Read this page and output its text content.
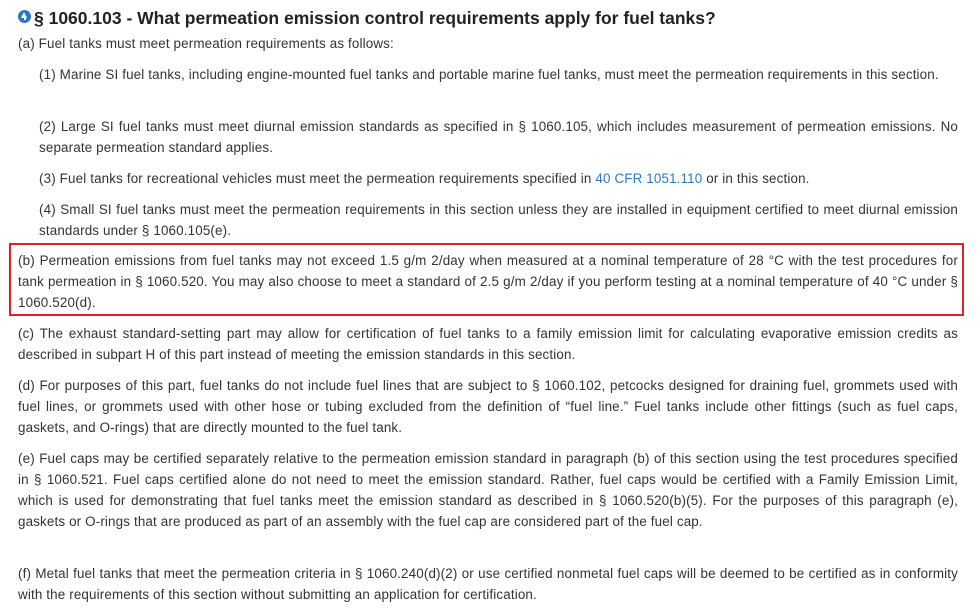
§ 1060.103 - What permeation emission control requirements apply for fuel tanks?

(a) Fuel tanks must meet permeation requirements as follows:

(1) Marine SI fuel tanks, including engine-mounted fuel tanks and portable marine fuel tanks, must meet the permeation requirements in this section.

(2) Large SI fuel tanks must meet diurnal emission standards as specified in § 1060.105, which includes measurement of permeation emissions. No separate permeation standard applies.

(3) Fuel tanks for recreational vehicles must meet the permeation requirements specified in 40 CFR 1051.110 or in this section.

(4) Small SI fuel tanks must meet the permeation requirements in this section unless they are installed in equipment certified to meet diurnal emission standards under § 1060.105(e).

(b) Permeation emissions from fuel tanks may not exceed 1.5 g/m 2/day when measured at a nominal temperature of 28 °C with the test procedures for tank permeation in § 1060.520. You may also choose to meet a standard of 2.5 g/m 2/day if you perform testing at a nominal temperature of 40 °C under § 1060.520(d).

(c) The exhaust standard-setting part may allow for certification of fuel tanks to a family emission limit for calculating evaporative emission credits as described in subpart H of this part instead of meeting the emission standards in this section.

(d) For purposes of this part, fuel tanks do not include fuel lines that are subject to § 1060.102, petcocks designed for draining fuel, grommets used with fuel lines, or grommets used with other hose or tubing excluded from the definition of “fuel line.” Fuel tanks include other fittings (such as fuel caps, gaskets, and O-rings) that are directly mounted to the fuel tank.

(e) Fuel caps may be certified separately relative to the permeation emission standard in paragraph (b) of this section using the test procedures specified in § 1060.521. Fuel caps certified alone do not need to meet the emission standard. Rather, fuel caps would be certified with a Family Emission Limit, which is used for demonstrating that fuel tanks meet the emission standard as described in § 1060.520(b)(5). For the purposes of this paragraph (e), gaskets or O-rings that are produced as part of an assembly with the fuel cap are considered part of the fuel cap.

(f) Metal fuel tanks that meet the permeation criteria in § 1060.240(d)(2) or use certified nonmetal fuel caps will be deemed to be certified as in conformity with the requirements of this section without submitting an application for certification.
